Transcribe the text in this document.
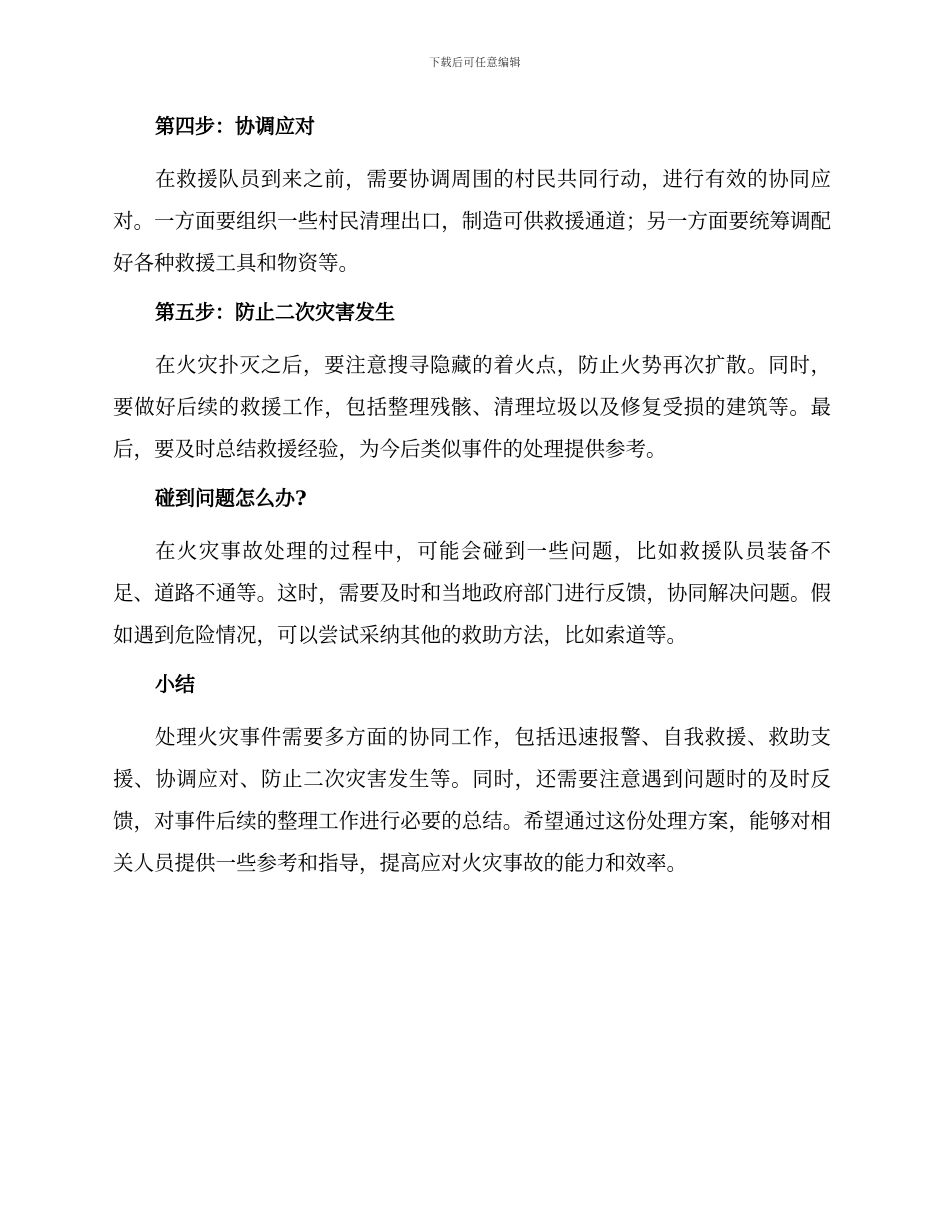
下载后可任意编辑
第四步：协调应对

在救援队员到来之前，需要协调周围的村民共同行动，进行有效的协同应对。一方面要组织一些村民清理出口，制造可供救援通道；另一方面要统筹调配好各种救援工具和物资等。

第五步：防止二次灾害发生

在火灾扑灭之后，要注意搜寻隐藏的着火点，防止火势再次扩散。同时，要做好后续的救援工作，包括整理残骸、清理垃圾以及修复受损的建筑等。最后，要及时总结救援经验，为今后类似事件的处理提供参考。

碰到问题怎么办?

在火灾事故处理的过程中，可能会碰到一些问题，比如救援队员装备不足、道路不通等。这时，需要及时和当地政府部门进行反馈，协同解决问题。假如遇到危险情况，可以尝试采纳其他的救助方法，比如索道等。

小结

处理火灾事件需要多方面的协同工作，包括迅速报警、自我救援、救助支援、协调应对、防止二次灾害发生等。同时，还需要注意遇到问题时的及时反馈，对事件后续的整理工作进行必要的总结。希望通过这份处理方案，能够对相关人员提供一些参考和指导，提高应对火灾事故的能力和效率。
